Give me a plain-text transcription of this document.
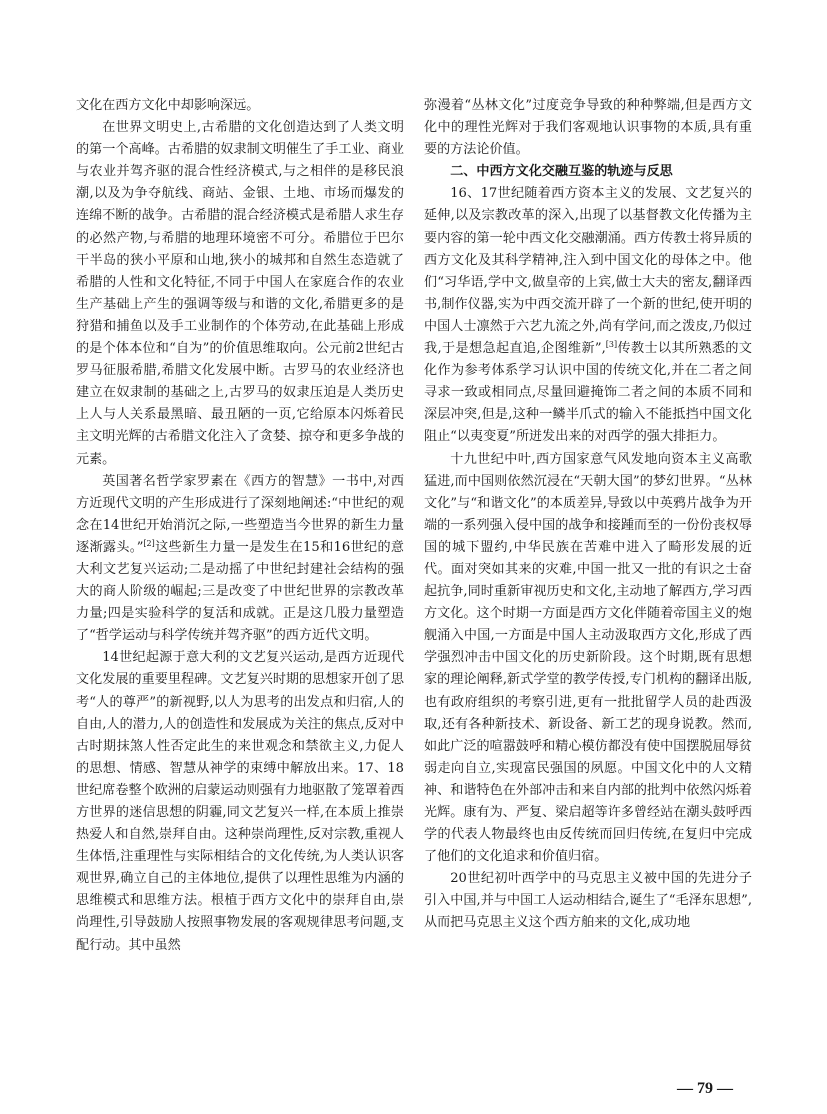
文化在西方文化中却影响深远。

在世界文明史上,古希腊的文化创造达到了人类文明的第一个高峰。古希腊的奴隶制文明催生了手工业、商业与农业并驾齐驱的混合性经济模式,与之相伴的是移民浪潮,以及为争夺航线、商站、金银、土地、市场而爆发的连绵不断的战争。古希腊的混合经济模式是希腊人求生存的必然产物,与希腊的地理环境密不可分。希腊位于巴尔干半岛的狭小平原和山地,狭小的城邦和自然生态造就了希腊的人性和文化特征,不同于中国人在家庭合作的农业生产基础上产生的强调等级与和谐的文化,希腊更多的是狩猎和捕鱼以及手工业制作的个体劳动,在此基础上形成的是个体本位和“自为”的价值思维取向。公元前2世纪古罗马征服希腊,希腊文化发展中断。古罗马的农业经济也建立在奴隶制的基础之上,古罗马的奴隶压迫是人类历史上人与人关系最黑暗、最丑陋的一页,它给原本闪烁着民主文明光辉的古希腊文化注入了贪婪、掠夺和更多争战的元素。

英国著名哲学家罗素在《西方的智慧》一书中,对西方近现代文明的产生形成进行了深刻地阐述:“中世纪的观念在14世纪开始消沉之际,一些塑造当今世界的新生力量逐渐露头。”[2]这些新生力量一是发生在15和16世纪的意大利文艺复兴运动;二是动摇了中世纪封建社会结构的强大的商人阶级的崛起;三是改变了中世纪世界的宗教改革力量;四是实验科学的复活和成就。正是这几股力量塑造了“哲学运动与科学传统并驾齐驱”的西方近代文明。

14世纪起源于意大利的文艺复兴运动,是西方近现代文化发展的重要里程碑。文艺复兴时期的思想家开创了思考“人的尊严”的新视野,以人为思考的出发点和归宿,人的自由,人的潜力,人的创造性和发展成为关注的焦点,反对中古时期抹煞人性否定此生的来世观念和禁欲主义,力促人的思想、情感、智慧从神学的束缚中解放出来。17、18世纪席卷整个欧洲的启蒙运动则强有力地驱散了笼罩着西方世界的迷信思想的阴霾,同文艺复兴一样,在本质上推崇热爱人和自然,崇拜自由。这种崇尚理性,反对宗教,重视人生体悟,注重理性与实际相结合的文化传统,为人类认识客观世界,确立自己的主体地位,提供了以理性思维为内涵的思维模式和思维方法。根植于西方文化中的崇拜自由,崇尚理性,引导鼓励人按照事物发展的客观规律思考问题,支配行动。其中虽然

弥漫着“丛林文化”过度竞争导致的种种弊端,但是西方文化中的理性光辉对于我们客观地认识事物的本质,具有重要的方法论价值。

二、中西方文化交融互鉴的轨迹与反思

16、17世纪随着西方资本主义的发展、文艺复兴的延伸,以及宗教改革的深入,出现了以基督教文化传播为主要内容的第一轮中西文化交融潮涌。西方传教士将异质的西方文化及其科学精神,注入到中国文化的母体之中。他们“习华语,学中文,做皇帝的上宾,做士大夫的密友,翻译西书,制作仪器,实为中西交流开辟了一个新的世纪,使开明的中国人士凛然于六艺九流之外,尚有学问,而之泼皮,乃似过我,于是想急起直追,企图维新”,[3]传教士以其所熟悉的文化作为参考体系学习认识中国的传统文化,并在二者之间寻求一致或相同点,尽量回避掩饰二者之间的本质不同和深层冲突,但是,这种一鳞半爪式的输入不能抵挡中国文化阻止“以夷变夏”所迸发出来的对西学的强大排拒力。

十九世纪中叶,西方国家意气风发地向资本主义高歌猛进,而中国则依然沉浸在“天朝大国”的梦幻世界。“丛林文化”与“和谐文化”的本质差异,导致以中英鸦片战争为开端的一系列强入侵中国的战争和接踵而至的一份份丧权辱国的城下盟约,中华民族在苦难中进入了畸形发展的近代。面对突如其来的灾难,中国一批又一批的有识之士奋起抗争,同时重新审视历史和文化,主动地了解西方,学习西方文化。这个时期一方面是西方文化伴随着帝国主义的炮舰涌入中国,一方面是中国人主动汲取西方文化,形成了西学强烈冲击中国文化的历史新阶段。这个时期,既有思想家的理论阐释,新式学堂的教学传授,专门机构的翻译出版,也有政府组织的考察引进,更有一批批留学人员的赴西汲取,还有各种新技术、新设备、新工艺的现身说教。然而,如此广泛的喧嚣鼓呼和精心模仿都没有使中国摆脱屈辱贫弱走向自立,实现富民强国的夙愿。中国文化中的人文精神、和谐特色在外部冲击和来自内部的批判中依然闪烁着光辉。康有为、严复、梁启超等许多曾经站在潮头鼓呼西学的代表人物最终也由反传统而回归传统,在复归中完成了他们的文化追求和价值归宿。

20世纪初叶西学中的马克思主义被中国的先进分子引入中国,并与中国工人运动相结合,诞生了“毛泽东思想”,从而把马克思主义这个西方舶来的文化,成功地

— 79 —
